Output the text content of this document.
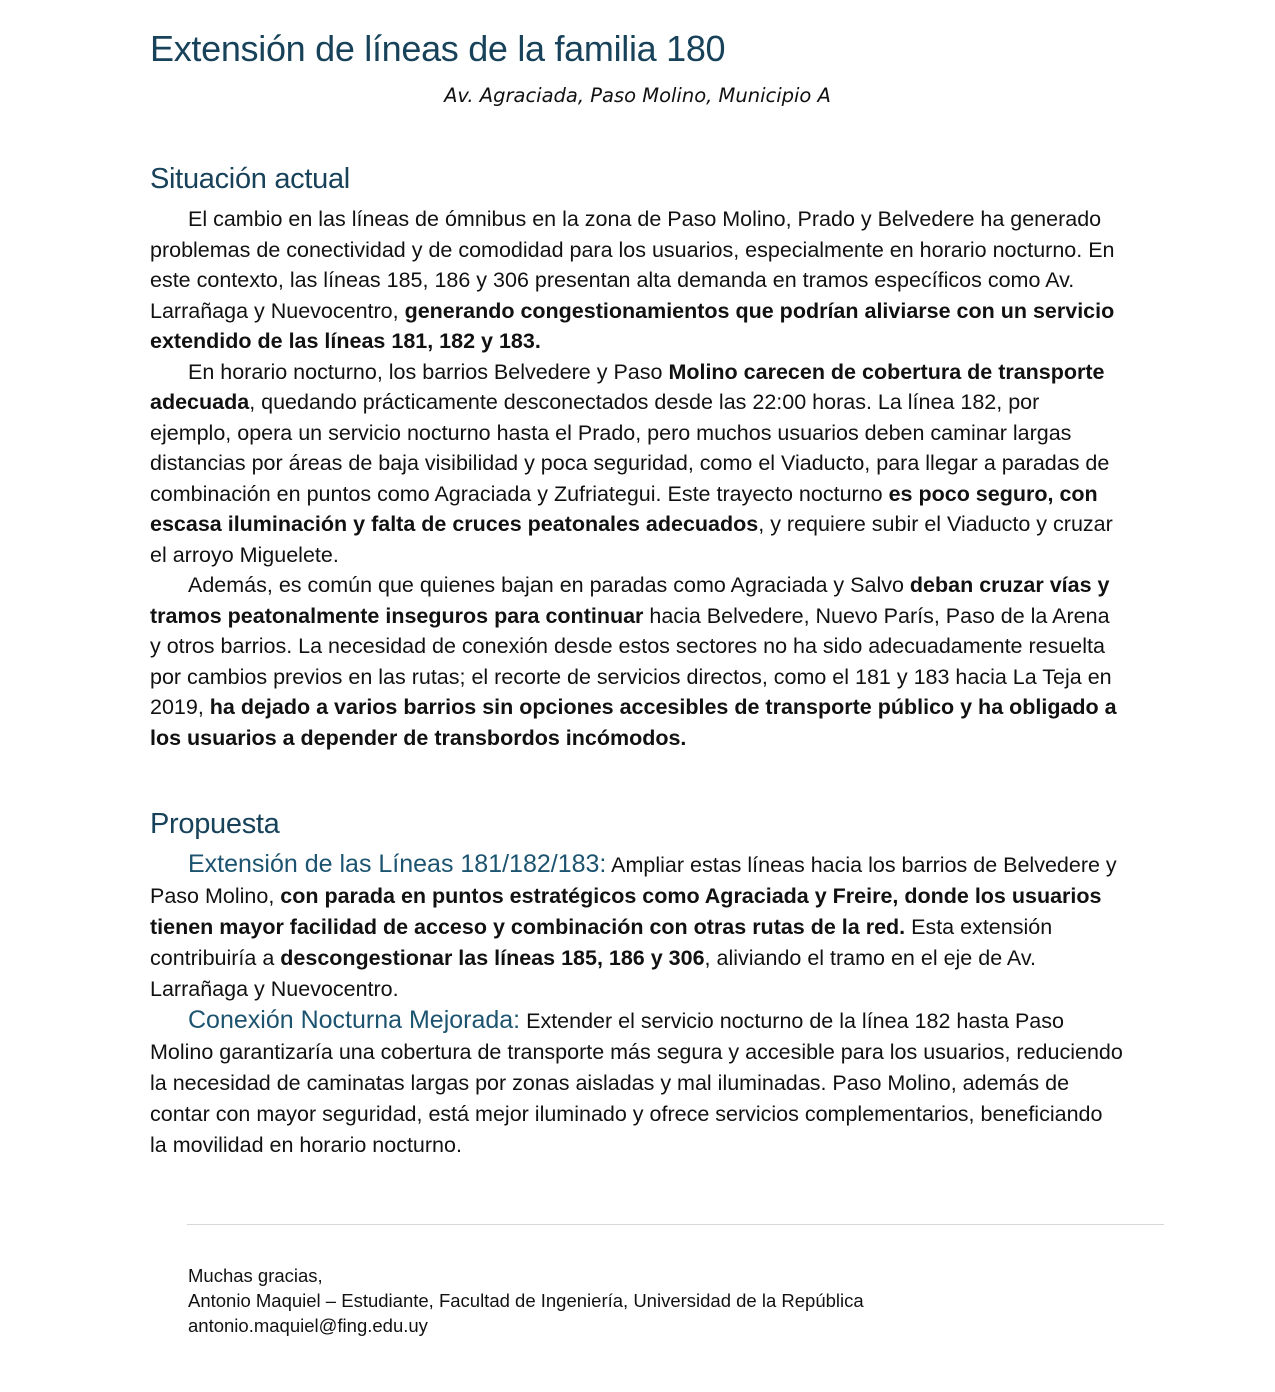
Extensión de líneas de la familia 180

Av. Agraciada, Paso Molino, Municipio A

Situación actual

El cambio en las líneas de ómnibus en la zona de Paso Molino, Prado y Belvedere ha generado problemas de conectividad y de comodidad para los usuarios, especialmente en horario nocturno. En este contexto, las líneas 185, 186 y 306 presentan alta demanda en tramos específicos como Av. Larrañaga y Nuevocentro, generando congestionamientos que podrían aliviarse con un servicio extendido de las líneas 181, 182 y 183.

En horario nocturno, los barrios Belvedere y Paso Molino carecen de cobertura de transporte adecuada, quedando prácticamente desconectados desde las 22:00 horas. La línea 182, por ejemplo, opera un servicio nocturno hasta el Prado, pero muchos usuarios deben caminar largas distancias por áreas de baja visibilidad y poca seguridad, como el Viaducto, para llegar a paradas de combinación en puntos como Agraciada y Zufriategui. Este trayecto nocturno es poco seguro, con escasa iluminación y falta de cruces peatonales adecuados, y requiere subir el Viaducto y cruzar el arroyo Miguelete.

Además, es común que quienes bajan en paradas como Agraciada y Salvo deban cruzar vías y tramos peatonalmente inseguros para continuar hacia Belvedere, Nuevo París, Paso de la Arena y otros barrios. La necesidad de conexión desde estos sectores no ha sido adecuadamente resuelta por cambios previos en las rutas; el recorte de servicios directos, como el 181 y 183 hacia La Teja en 2019, ha dejado a varios barrios sin opciones accesibles de transporte público y ha obligado a los usuarios a depender de transbordos incómodos.

Propuesta

Extensión de las Líneas 181/182/183: Ampliar estas líneas hacia los barrios de Belvedere y Paso Molino, con parada en puntos estratégicos como Agraciada y Freire, donde los usuarios tienen mayor facilidad de acceso y combinación con otras rutas de la red. Esta extensión contribuiría a descongestionar las líneas 185, 186 y 306, aliviando el tramo en el eje de Av. Larrañaga y Nuevocentro.

Conexión Nocturna Mejorada: Extender el servicio nocturno de la línea 182 hasta Paso Molino garantizaría una cobertura de transporte más segura y accesible para los usuarios, reduciendo la necesidad de caminatas largas por zonas aisladas y mal iluminadas. Paso Molino, además de contar con mayor seguridad, está mejor iluminado y ofrece servicios complementarios, beneficiando la movilidad en horario nocturno.

Muchas gracias,
Antonio Maquiel – Estudiante, Facultad de Ingeniería, Universidad de la República
antonio.maquiel@fing.edu.uy
